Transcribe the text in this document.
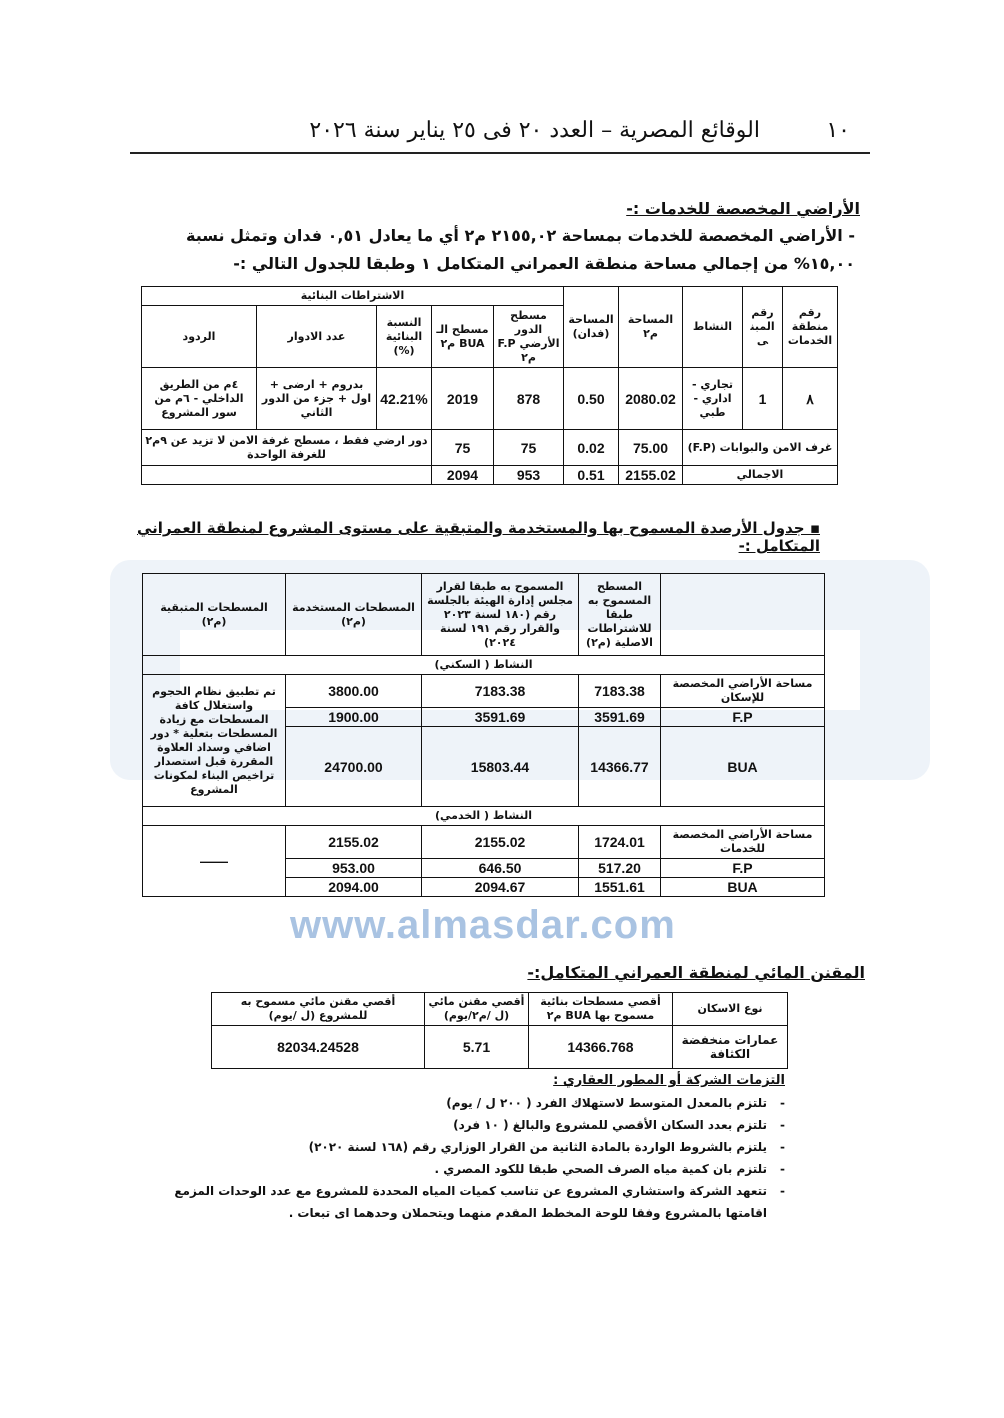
١٠
الوقائع المصرية – العدد ٢٠ فى ٢٥ يناير سنة ٢٠٢٦
الأراضي المخصصة للخدمات :-

- الأراضي المخصصة للخدمات بمساحة ٢١٥٥,٠٢ م٢ أي ما يعادل ٠,٥١ فدان وتمثل نسبة ١٥,٠٠% من إجمالي مساحة منطقة العمراني المتكامل ١ وطبقا للجدول التالي :-

رقم منطقة الخدمات	رقم المبنى	النشاط	المساحة م٢	المساحة (فدان)	الاشتراطات البنائية				
					مسطح الدور الأرضي F.P م٢	مسطح الـ BUA م٢	النسبة البنائية (%)	عدد الادوار	الردود
٨	1	تجاري - اداري - طبي	2080.02	0.50	878	2019	42.21%	بدروم + ارضى + اول + جزء من الدور الثاني	٤م من الطريق الداخلي - ٦م من سور المشروع
غرف الامن والبوابات (F.P)			75.00	0.02	75	75	دور ارضي فقط ، مسطح غرفة الامن لا تزيد عن ٩م٢ للغرفة الواحدة		
الاجمالي			2155.02	0.51	953	2094			
▪ جدول الأرصدة المسموح بها والمستخدمة والمتبقية على مستوى المشروع لمنطقة العمراني المتكامل :-
	المسطح المسموح به طبقا للاشتراطات الاصلية (م٢)	المسموح به طبقا لقرار مجلس إدارة الهيئة بالجلسة رقم (١٨٠ لسنة ٢٠٢٣ والقرار رقم ١٩١ لسنة ٢٠٢٤)	المسطحات المستخدمة (م٢)	المسطحات المتبقية (م٢)
النشاط ( السكني)				
مساحة الأراضي المخصصة للإسكان	7183.38	7183.38	3800.00	تم تطبيق نظام الحجوم واستغلال كافة المسطحات مع زيادة المسطحات بتعلية * دور اضافي وسداد العلاوة المقررة قبل استصدار تراخيص البناء لمكونات المشروع
F.P	3591.69	3591.69	1900.00	
BUA	14366.77	15803.44	24700.00	
النشاط ( الخدمي)				
مساحة الأراضي المخصصة للخدمات	1724.01	2155.02	2155.02	——
F.P	517.20	646.50	953.00	
BUA	1551.61	2094.67	2094.00	
www.almasdar.com
المقنن المائي لمنطقة العمراني المتكامل:-
نوع الاسكان	أقصي مسطحات بنائية مسموح بها BUA م٢	أقصي مقنن مائي (ل /م٢/يوم)	أقصي مقنن مائي مسموح به للمشروع (ل /يوم)
عمارات منخفضة الكثافة	14366.768	5.71	82034.24528
التزمات الشركة أو المطور العقاري :
- تلتزم بالمعدل المتوسط لاستهلاك الفرد ( ٢٠٠ ل / يوم)
- تلتزم بعدد السكان الأقصي للمشروع والبالغ ( ١٠ فرد)
- يلتزم بالشروط الواردة بالمادة الثانية من القرار الوزاري رقم (١٦٨ لسنة ٢٠٢٠)
- تلتزم بان كمية مياه الصرف الصحي طبقا للكود المصري .
- تتعهد الشركة واستشاري المشروع عن تناسب كميات المياه المحددة للمشروع مع عدد الوحدات المزمع اقامتها بالمشروع وفقا للوحة المخطط المقدم منهما ويتحملان وحدهما اى تبعات .
